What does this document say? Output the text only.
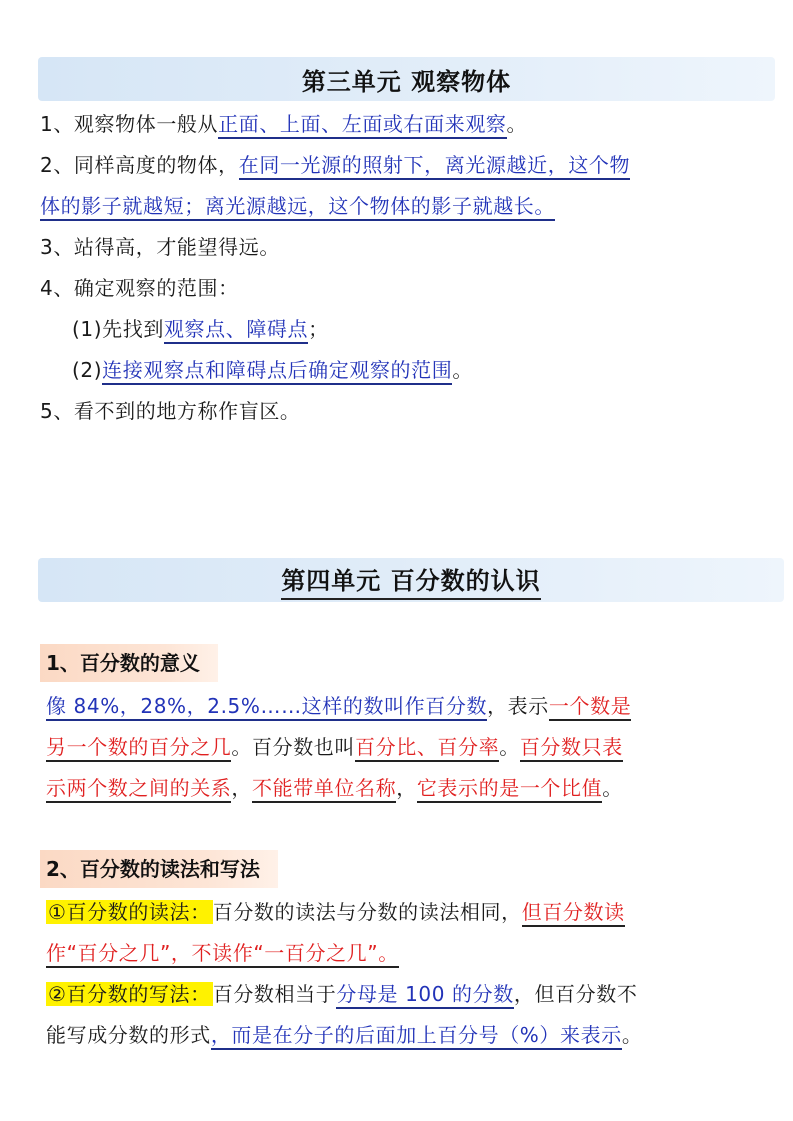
第三单元 观察物体
1、观察物体一般从正面、上面、左面或右面来观察。
2、同样高度的物体，在同一光源的照射下，离光源越近，这个物
体的影子就越短；离光源越远，这个物体的影子就越长。
3、站得高，才能望得远。
4、确定观察的范围：
(1)先找到观察点、障碍点；
(2)连接观察点和障碍点后确定观察的范围。
5、看不到的地方称作盲区。
第四单元 百分数的认识
1、百分数的意义
像 84%，28%，2.5%……这样的数叫作百分数，表示一个数是
另一个数的百分之几。百分数也叫百分比、百分率。百分数只表
示两个数之间的关系，不能带单位名称，它表示的是一个比值。
2、百分数的读法和写法
①百分数的读法： 百分数的读法与分数的读法相同，但百分数读
作“百分之几”，不读作“一百分之几”。
②百分数的写法： 百分数相当于分母是 100 的分数，但百分数不
能写成分数的形式，而是在分子的后面加上百分号（%）来表示。
